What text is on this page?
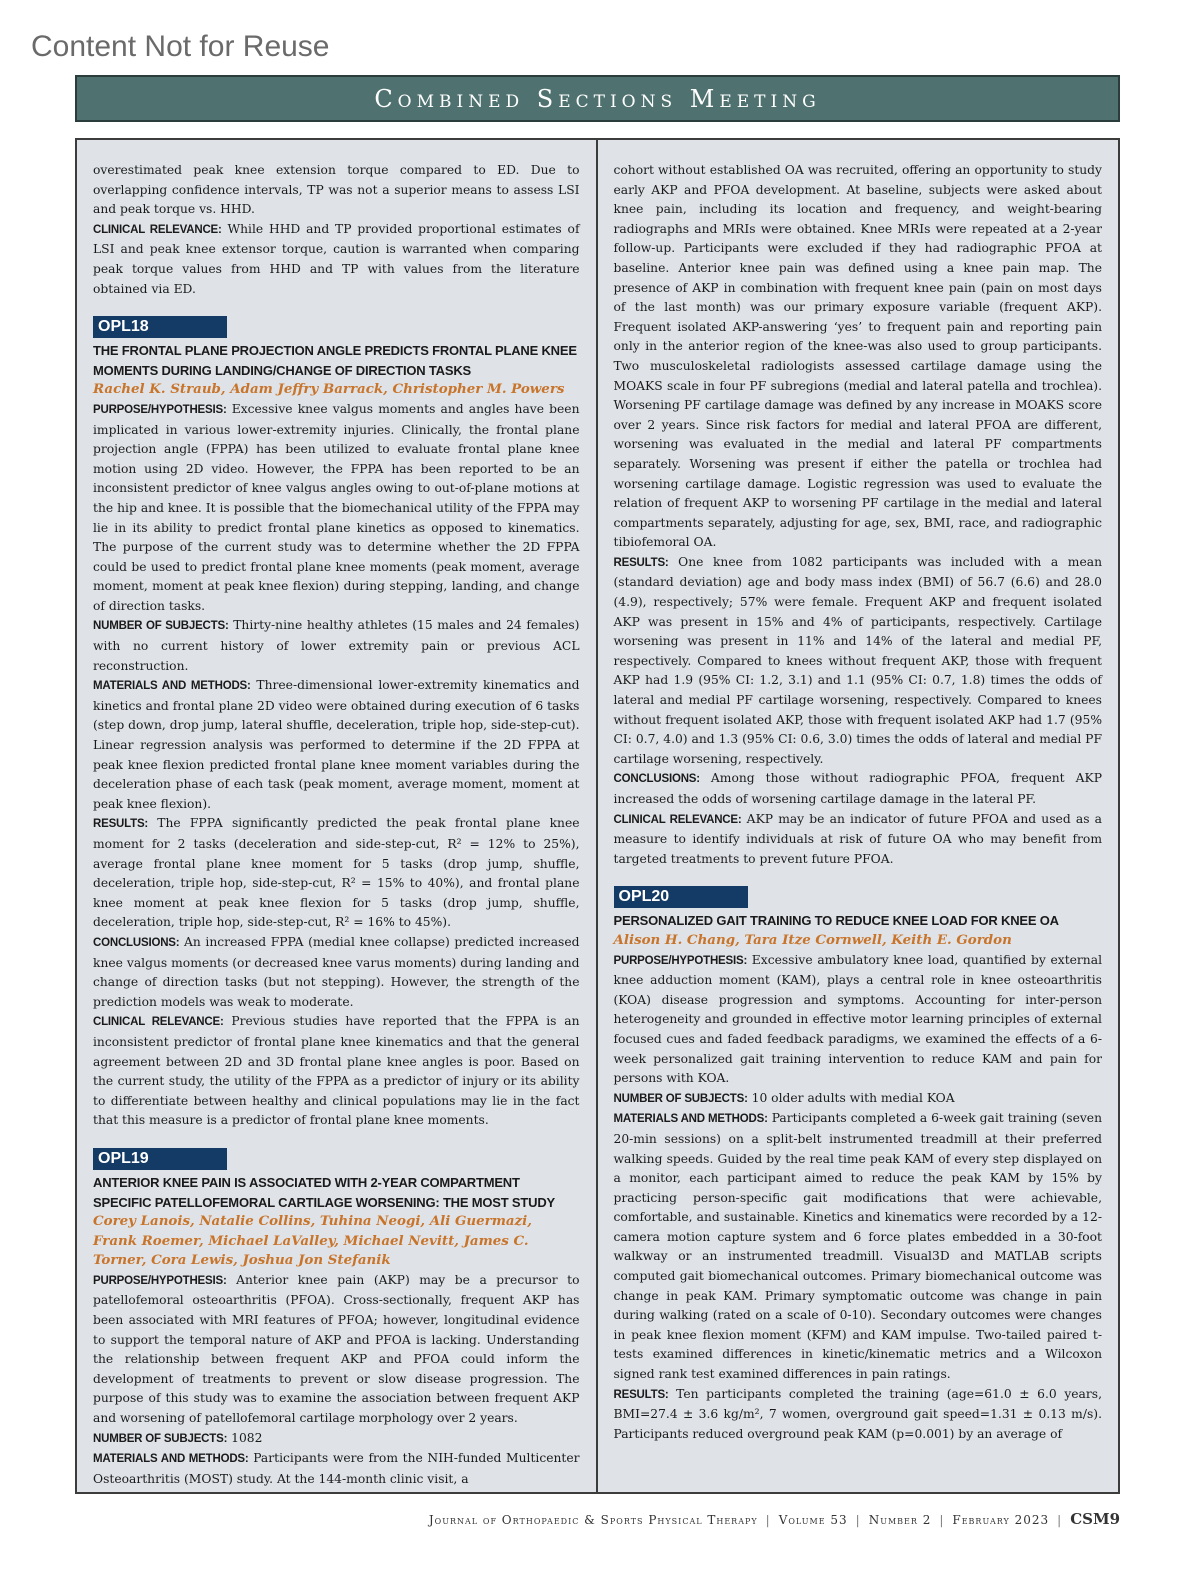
Content Not for Reuse
Combined Sections Meeting

overestimated peak knee extension torque compared to ED. Due to overlapping confidence intervals, TP was not a superior means to assess LSI and peak torque vs. HHD.

CLINICAL RELEVANCE: While HHD and TP provided proportional estimates of LSI and peak knee extensor torque, caution is warranted when comparing peak torque values from HHD and TP with values from the literature obtained via ED.

OPL18
THE FRONTAL PLANE PROJECTION ANGLE PREDICTS FRONTAL PLANE KNEE MOMENTS DURING LANDING/CHANGE OF DIRECTION TASKS
Rachel K. Straub, Adam Jeffry Barrack, Christopher M. Powers

PURPOSE/HYPOTHESIS: Excessive knee valgus moments and angles have been implicated in various lower-extremity injuries. Clinically, the frontal plane projection angle (FPPA) has been utilized to evaluate frontal plane knee motion using 2D video. However, the FPPA has been reported to be an inconsistent predictor of knee valgus angles owing to out-of-plane motions at the hip and knee. It is possible that the biomechanical utility of the FPPA may lie in its ability to predict frontal plane kinetics as opposed to kinematics. The purpose of the current study was to determine whether the 2D FPPA could be used to predict frontal plane knee moments (peak moment, average moment, moment at peak knee flexion) during stepping, landing, and change of direction tasks.

NUMBER OF SUBJECTS: Thirty-nine healthy athletes (15 males and 24 females) with no current history of lower extremity pain or previous ACL reconstruction.

MATERIALS AND METHODS: Three-dimensional lower-extremity kinematics and kinetics and frontal plane 2D video were obtained during execution of 6 tasks (step down, drop jump, lateral shuffle, deceleration, triple hop, side-step-cut). Linear regression analysis was performed to determine if the 2D FPPA at peak knee flexion predicted frontal plane knee moment variables during the deceleration phase of each task (peak moment, average moment, moment at peak knee flexion).

RESULTS: The FPPA significantly predicted the peak frontal plane knee moment for 2 tasks (deceleration and side-step-cut, R² = 12% to 25%), average frontal plane knee moment for 5 tasks (drop jump, shuffle, deceleration, triple hop, side-step-cut, R² = 15% to 40%), and frontal plane knee moment at peak knee flexion for 5 tasks (drop jump, shuffle, deceleration, triple hop, side-step-cut, R² = 16% to 45%).

CONCLUSIONS: An increased FPPA (medial knee collapse) predicted increased knee valgus moments (or decreased knee varus moments) during landing and change of direction tasks (but not stepping). However, the strength of the prediction models was weak to moderate.

CLINICAL RELEVANCE: Previous studies have reported that the FPPA is an inconsistent predictor of frontal plane knee kinematics and that the general agreement between 2D and 3D frontal plane knee angles is poor. Based on the current study, the utility of the FPPA as a predictor of injury or its ability to differentiate between healthy and clinical populations may lie in the fact that this measure is a predictor of frontal plane knee moments.

OPL19
ANTERIOR KNEE PAIN IS ASSOCIATED WITH 2-YEAR COMPARTMENT SPECIFIC PATELLOFEMORAL CARTILAGE WORSENING: THE MOST STUDY
Corey Lanois, Natalie Collins, Tuhina Neogi, Ali Guermazi, Frank Roemer, Michael LaValley, Michael Nevitt, James C. Torner, Cora Lewis, Joshua Jon Stefanik

PURPOSE/HYPOTHESIS: Anterior knee pain (AKP) may be a precursor to patellofemoral osteoarthritis (PFOA). Cross-sectionally, frequent AKP has been associated with MRI features of PFOA; however, longitudinal evidence to support the temporal nature of AKP and PFOA is lacking. Understanding the relationship between frequent AKP and PFOA could inform the development of treatments to prevent or slow disease progression. The purpose of this study was to examine the association between frequent AKP and worsening of patellofemoral cartilage morphology over 2 years.

NUMBER OF SUBJECTS: 1082

MATERIALS AND METHODS: Participants were from the NIH-funded Multicenter Osteoarthritis (MOST) study. At the 144-month clinic visit, a

cohort without established OA was recruited, offering an opportunity to study early AKP and PFOA development. At baseline, subjects were asked about knee pain, including its location and frequency, and weight-bearing radiographs and MRIs were obtained. Knee MRIs were repeated at a 2-year follow-up. Participants were excluded if they had radiographic PFOA at baseline. Anterior knee pain was defined using a knee pain map. The presence of AKP in combination with frequent knee pain (pain on most days of the last month) was our primary exposure variable (frequent AKP). Frequent isolated AKP-answering ‘yes’ to frequent pain and reporting pain only in the anterior region of the knee-was also used to group participants. Two musculoskeletal radiologists assessed cartilage damage using the MOAKS scale in four PF subregions (medial and lateral patella and trochlea). Worsening PF cartilage damage was defined by any increase in MOAKS score over 2 years. Since risk factors for medial and lateral PFOA are different, worsening was evaluated in the medial and lateral PF compartments separately. Worsening was present if either the patella or trochlea had worsening cartilage damage. Logistic regression was used to evaluate the relation of frequent AKP to worsening PF cartilage in the medial and lateral compartments separately, adjusting for age, sex, BMI, race, and radiographic tibiofemoral OA.

RESULTS: One knee from 1082 participants was included with a mean (standard deviation) age and body mass index (BMI) of 56.7 (6.6) and 28.0 (4.9), respectively; 57% were female. Frequent AKP and frequent isolated AKP was present in 15% and 4% of participants, respectively. Cartilage worsening was present in 11% and 14% of the lateral and medial PF, respectively. Compared to knees without frequent AKP, those with frequent AKP had 1.9 (95% CI: 1.2, 3.1) and 1.1 (95% CI: 0.7, 1.8) times the odds of lateral and medial PF cartilage worsening, respectively. Compared to knees without frequent isolated AKP, those with frequent isolated AKP had 1.7 (95% CI: 0.7, 4.0) and 1.3 (95% CI: 0.6, 3.0) times the odds of lateral and medial PF cartilage worsening, respectively.

CONCLUSIONS: Among those without radiographic PFOA, frequent AKP increased the odds of worsening cartilage damage in the lateral PF.

CLINICAL RELEVANCE: AKP may be an indicator of future PFOA and used as a measure to identify individuals at risk of future OA who may benefit from targeted treatments to prevent future PFOA.

OPL20
PERSONALIZED GAIT TRAINING TO REDUCE KNEE LOAD FOR KNEE OA
Alison H. Chang, Tara Itze Cornwell, Keith E. Gordon

PURPOSE/HYPOTHESIS: Excessive ambulatory knee load, quantified by external knee adduction moment (KAM), plays a central role in knee osteoarthritis (KOA) disease progression and symptoms. Accounting for inter-person heterogeneity and grounded in effective motor learning principles of external focused cues and faded feedback paradigms, we examined the effects of a 6-week personalized gait training intervention to reduce KAM and pain for persons with KOA.

NUMBER OF SUBJECTS: 10 older adults with medial KOA

MATERIALS AND METHODS: Participants completed a 6-week gait training (seven 20-min sessions) on a split-belt instrumented treadmill at their preferred walking speeds. Guided by the real time peak KAM of every step displayed on a monitor, each participant aimed to reduce the peak KAM by 15% by practicing person-specific gait modifications that were achievable, comfortable, and sustainable. Kinetics and kinematics were recorded by a 12-camera motion capture system and 6 force plates embedded in a 30-foot walkway or an instrumented treadmill. Visual3D and MATLAB scripts computed gait biomechanical outcomes. Primary biomechanical outcome was change in peak KAM. Primary symptomatic outcome was change in pain during walking (rated on a scale of 0-10). Secondary outcomes were changes in peak knee flexion moment (KFM) and KAM impulse. Two-tailed paired t-tests examined differences in kinetic/kinematic metrics and a Wilcoxon signed rank test examined differences in pain ratings.

RESULTS: Ten participants completed the training (age=61.0 ± 6.0 years, BMI=27.4 ± 3.6 kg/m², 7 women, overground gait speed=1.31 ± 0.13 m/s). Participants reduced overground peak KAM (p=0.001) by an average of

Journal of Orthopaedic & Sports Physical Therapy | Volume 53 | Number 2 | February 2023 | CSM9
